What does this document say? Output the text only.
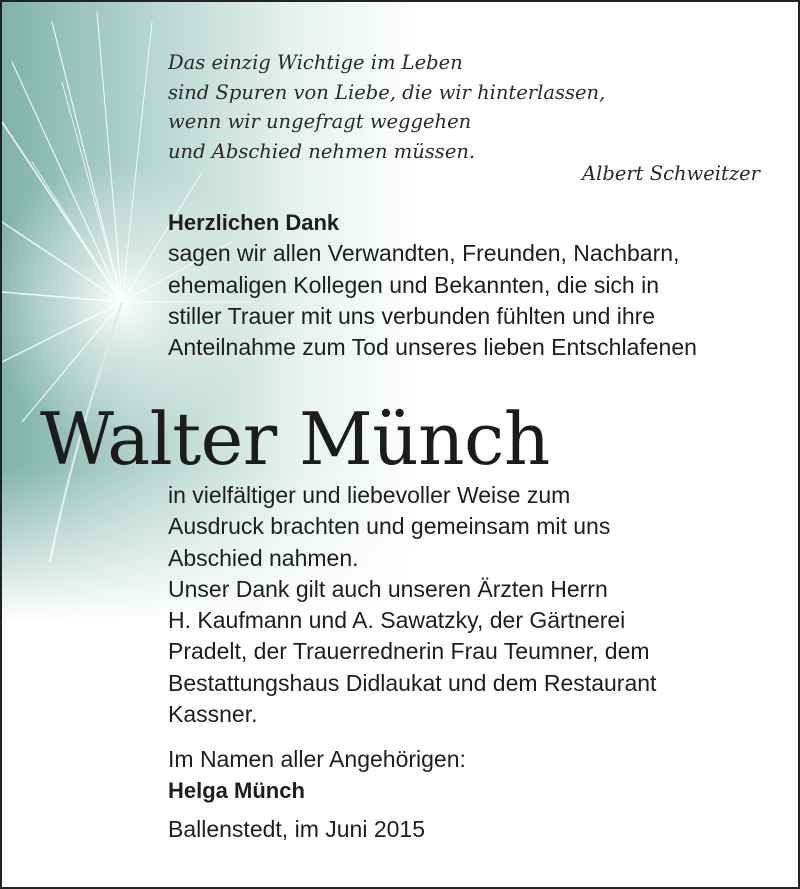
Das einzig Wichtige im Leben
sind Spuren von Liebe, die wir hinterlassen,
wenn wir ungefragt weggehen
und Abschied nehmen müssen.
Albert Schweitzer
Herzlichen Dank
sagen wir allen Verwandten, Freunden, Nachbarn,
ehemaligen Kollegen und Bekannten, die sich in
stiller Trauer mit uns verbunden fühlten und ihre
Anteilnahme zum Tod unseres lieben Entschlafenen
Walter Münch
in vielfältiger und liebevoller Weise zum
Ausdruck brachten und gemeinsam mit uns
Abschied nahmen.
Unser Dank gilt auch unseren Ärzten Herrn
H. Kaufmann und A. Sawatzky, der Gärtnerei
Pradelt, der Trauerrednerin Frau Teumner, dem
Bestattungshaus Didlaukat und dem Restaurant
Kassner.
Im Namen aller Angehörigen:
Helga Münch
Ballenstedt, im Juni 2015
